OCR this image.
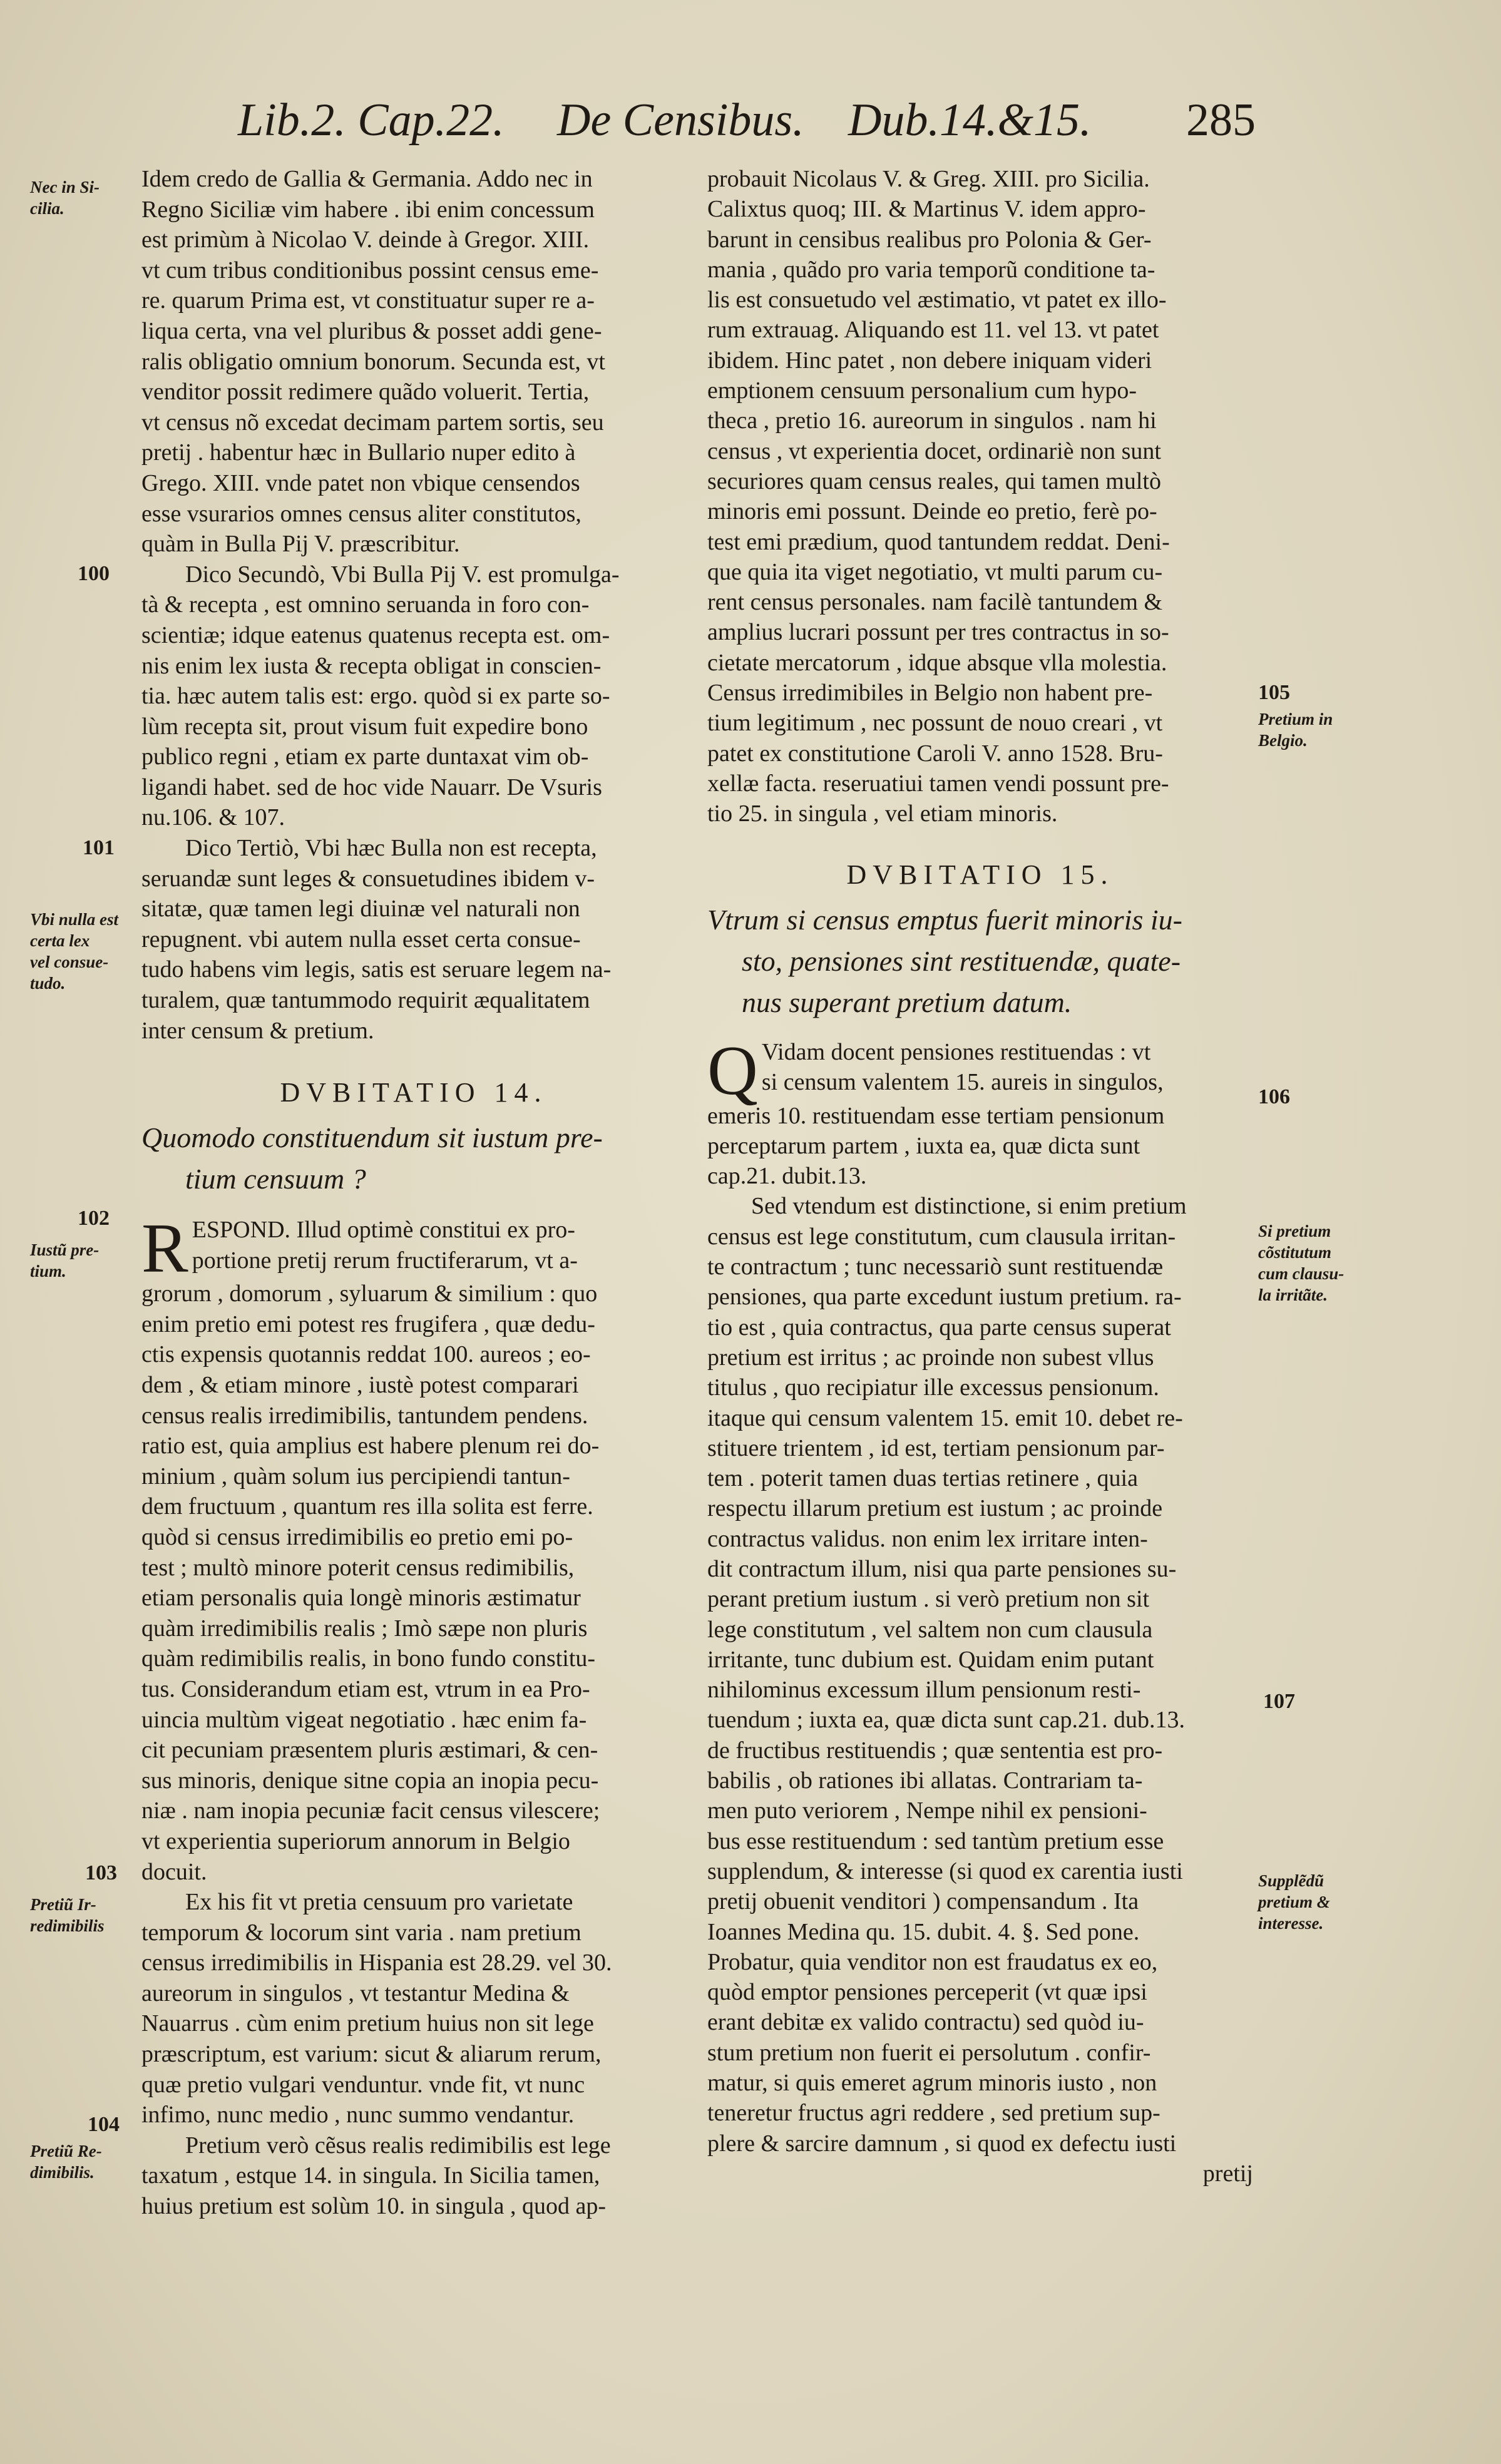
Lib.2. Cap.22. De Censibus. Dub.14.&15. 285
Idem credo de Gallia & Germania. Addo nec in
Regno Siciliæ vim habere . ibi enim concessum
est primùm à Nicolao V. deinde à Gregor. XIII.
vt cum tribus conditionibus possint census eme-
re. quarum Prima est, vt constituatur super re a-
liqua certa, vna vel pluribus & posset addi gene-
ralis obligatio omnium bonorum. Secunda est, vt
venditor possit redimere quãdo voluerit. Tertia,
vt census nõ excedat decimam partem sortis, seu
pretij . habentur hæc in Bullario nuper edito à
Grego. XIII. vnde patet non vbique censendos
esse vsurarios omnes census aliter constitutos,
quàm in Bulla Pij V. præscribitur.
Dico Secundò, Vbi Bulla Pij V. est promulga-
tà & recepta , est omnino seruanda in foro con-
scientiæ; idque eatenus quatenus recepta est. om-
nis enim lex iusta & recepta obligat in conscien-
tia. hæc autem talis est: ergo. quòd si ex parte so-
lùm recepta sit, prout visum fuit expedire bono
publico regni , etiam ex parte duntaxat vim ob-
ligandi habet. sed de hoc vide Nauarr. De Vsuris
nu.106. & 107.
Dico Tertiò, Vbi hæc Bulla non est recepta,
seruandæ sunt leges & consuetudines ibidem v-
sitatæ, quæ tamen legi diuinæ vel naturali non
repugnent. vbi autem nulla esset certa consue-
tudo habens vim legis, satis est seruare legem na-
turalem, quæ tantummodo requirit æqualitatem
inter censum & pretium.
DVBITATIO 14.
Quomodo constituendum sit iustum pre-
tium censuum ?
R ESPOND. Illud optimè constitui ex pro-
portione pretij rerum fructiferarum, vt a-
grorum , domorum , syluarum & similium : quo
enim pretio emi potest res frugifera , quæ dedu-
ctis expensis quotannis reddat 100. aureos ; eo-
dem , & etiam minore , iustè potest comparari
census realis irredimibilis, tantundem pendens.
ratio est, quia amplius est habere plenum rei do-
minium , quàm solum ius percipiendi tantun-
dem fructuum , quantum res illa solita est ferre.
quòd si census irredimibilis eo pretio emi po-
test ; multò minore poterit census redimibilis,
etiam personalis quia longè minoris æstimatur
quàm irredimibilis realis ; Imò sæpe non pluris
quàm redimibilis realis, in bono fundo constitu-
tus. Considerandum etiam est, vtrum in ea Pro-
uincia multùm vigeat negotiatio . hæc enim fa-
cit pecuniam præsentem pluris æstimari, & cen-
sus minoris, denique sitne copia an inopia pecu-
niæ . nam inopia pecuniæ facit census vilescere;
vt experientia superiorum annorum in Belgio
docuit.
Ex his fit vt pretia censuum pro varietate
temporum & locorum sint varia . nam pretium
census irredimibilis in Hispania est 28.29. vel 30.
aureorum in singulos , vt testantur Medina &
Nauarrus . cùm enim pretium huius non sit lege
præscriptum, est varium: sicut & aliarum rerum,
quæ pretio vulgari venduntur. vnde fit, vt nunc
infimo, nunc medio , nunc summo vendantur.
Pretium verò cẽsus realis redimibilis est lege
taxatum , estque 14. in singula. In Sicilia tamen,
huius pretium est solùm 10. in singula , quod ap-
probauit Nicolaus V. & Greg. XIII. pro Sicilia.
Calixtus quoq; III. & Martinus V. idem appro-
barunt in censibus realibus pro Polonia & Ger-
mania , quãdo pro varia temporũ conditione ta-
lis est consuetudo vel æstimatio, vt patet ex illo-
rum extrauag. Aliquando est 11. vel 13. vt patet
ibidem. Hinc patet , non debere iniquam videri
emptionem censuum personalium cum hypo-
theca , pretio 16. aureorum in singulos . nam hi
census , vt experientia docet, ordinariè non sunt
securiores quam census reales, qui tamen multò
minoris emi possunt. Deinde eo pretio, ferè po-
test emi prædium, quod tantundem reddat. Deni-
que quia ita viget negotiatio, vt multi parum cu-
rent census personales. nam facilè tantundem &
amplius lucrari possunt per tres contractus in so-
cietate mercatorum , idque absque vlla molestia.
Census irredimibiles in Belgio non habent pre-
tium legitimum , nec possunt de nouo creari , vt
patet ex constitutione Caroli V. anno 1528. Bru-
xellæ facta. reseruatiui tamen vendi possunt pre-
tio 25. in singula , vel etiam minoris.
DVBITATIO 15.
Vtrum si census emptus fuerit minoris iu-
sto, pensiones sint restituendæ, quate-
nus superant pretium datum.
Q Vidam docent pensiones restituendas : vt
si censum valentem 15. aureis in singulos,
emeris 10. restituendam esse tertiam pensionum
perceptarum partem , iuxta ea, quæ dicta sunt
cap.21. dubit.13.
Sed vtendum est distinctione, si enim pretium
census est lege constitutum, cum clausula irritan-
te contractum ; tunc necessariò sunt restituendæ
pensiones, qua parte excedunt iustum pretium. ra-
tio est , quia contractus, qua parte census superat
pretium est irritus ; ac proinde non subest vllus
titulus , quo recipiatur ille excessus pensionum.
itaque qui censum valentem 15. emit 10. debet re-
stituere trientem , id est, tertiam pensionum par-
tem . poterit tamen duas tertias retinere , quia
respectu illarum pretium est iustum ; ac proinde
contractus validus. non enim lex irritare inten-
dit contractum illum, nisi qua parte pensiones su-
perant pretium iustum . si verò pretium non sit
lege constitutum , vel saltem non cum clausula
irritante, tunc dubium est. Quidam enim putant
nihilominus excessum illum pensionum resti-
tuendum ; iuxta ea, quæ dicta sunt cap.21. dub.13.
de fructibus restituendis ; quæ sententia est pro-
babilis , ob rationes ibi allatas. Contrariam ta-
men puto veriorem , Nempe nihil ex pensioni-
bus esse restituendum : sed tantùm pretium esse
supplendum, & interesse (si quod ex carentia iusti
pretij obuenit venditori ) compensandum . Ita
Ioannes Medina qu. 15. dubit. 4. §. Sed pone.
Probatur, quia venditor non est fraudatus ex eo,
quòd emptor pensiones perceperit (vt quæ ipsi
erant debitæ ex valido contractu) sed quòd iu-
stum pretium non fuerit ei persolutum . confir-
matur, si quis emeret agrum minoris iusto , non
teneretur fructus agri reddere , sed pretium sup-
plere & sarcire damnum , si quod ex defectu iusti
pretij
Nec in Si-
cilia.
100
101
Vbi nulla est
certa lex
vel consue-
tudo.
102
Iustũ pre-
tium.
103
Pretiũ Ir-
redimibilis
104
Pretiũ Re-
dimibilis.
105
Pretium in
Belgio.
106
Si pretium
cõstitutum
cum clausu-
la irritãte.
107
Supplẽdũ
pretium &
interesse.
